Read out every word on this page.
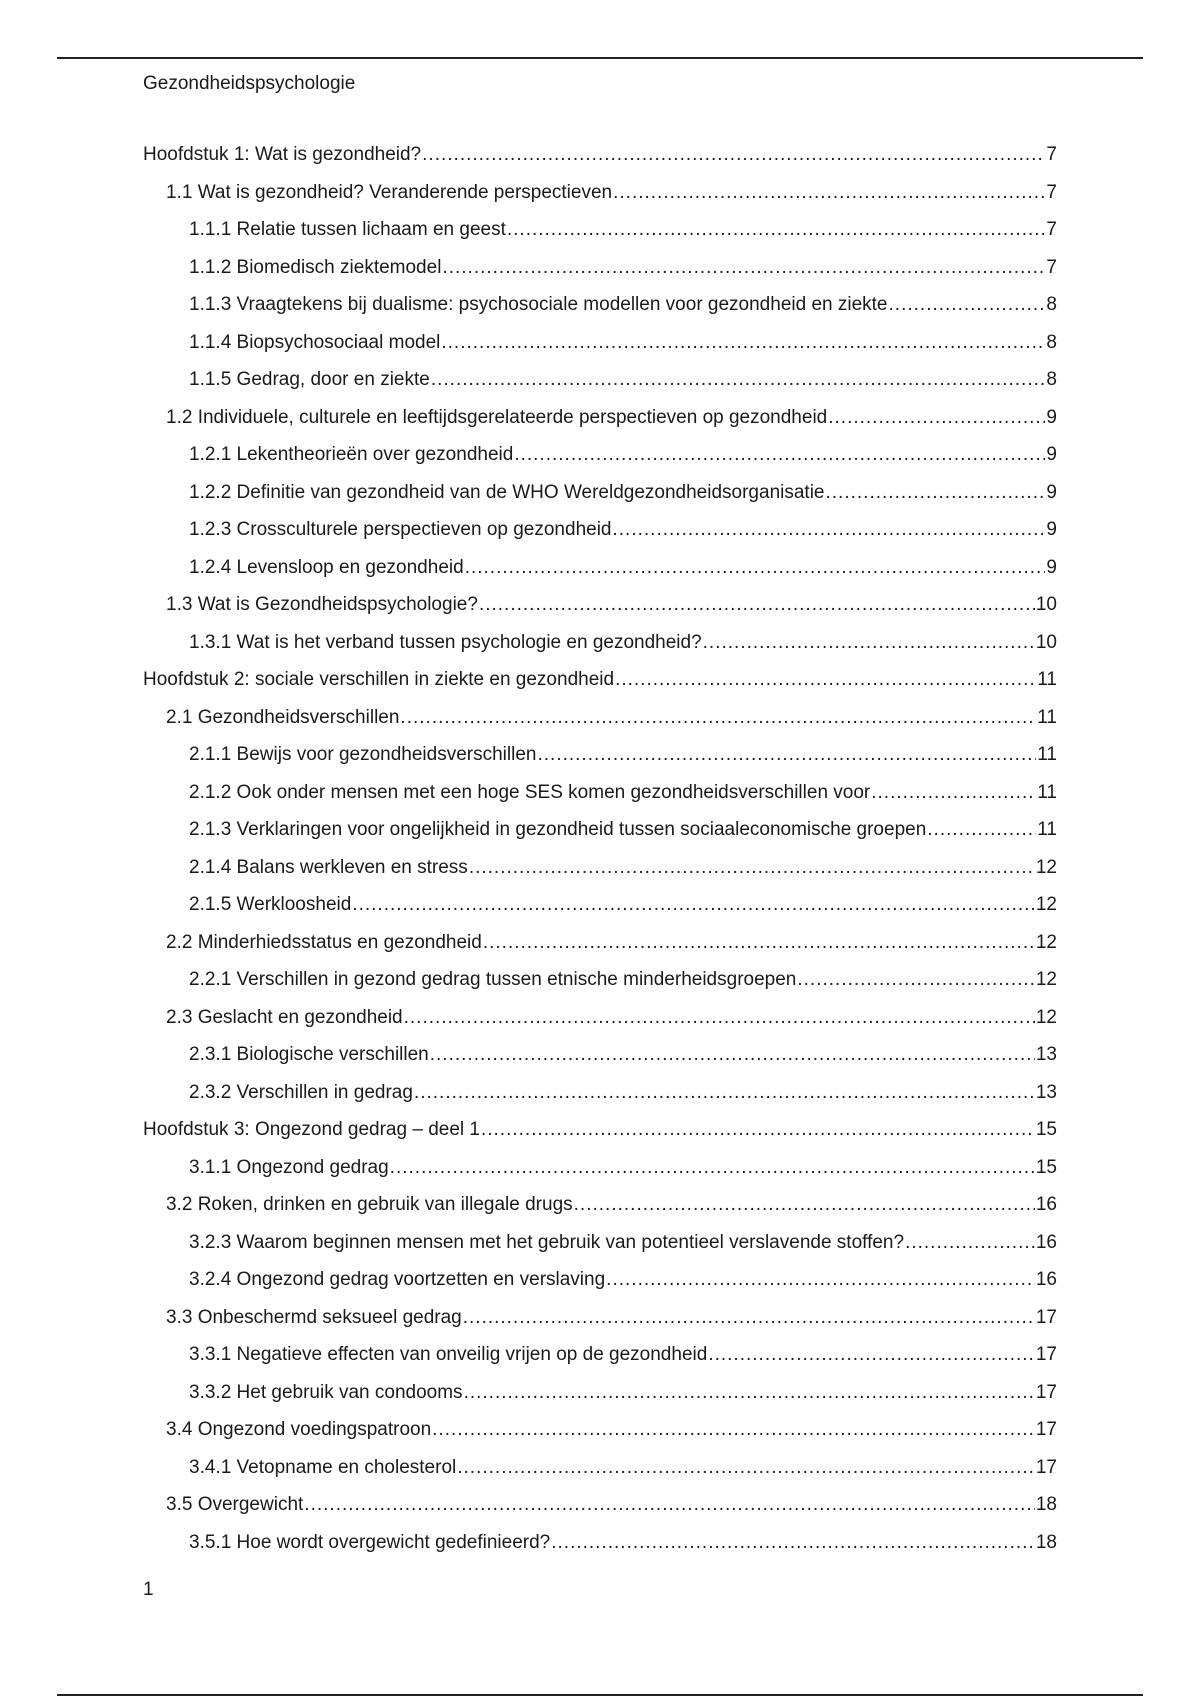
Gezondheidspsychologie
Hoofdstuk 1: Wat is gezondheid? .....	7
1.1 Wat is gezondheid? Veranderende perspectieven .....	7
1.1.1 Relatie tussen lichaam en geest .....	7
1.1.2 Biomedisch ziektemodel .....	7
1.1.3 Vraagtekens bij dualisme: psychosociale modellen voor gezondheid en ziekte .....	8
1.1.4 Biopsychosociaal model .....	8
1.1.5 Gedrag, door en ziekte .....	8
1.2 Individuele, culturele en leeftijdsgerelateerde perspectieven op gezondheid .....	9
1.2.1 Lekentheorieën over gezondheid .....	9
1.2.2 Definitie van gezondheid van de WHO Wereldgezondheidsorganisatie .....	9
1.2.3 Crossculturele perspectieven op gezondheid .....	9
1.2.4 Levensloop en gezondheid .....	9
1.3 Wat is Gezondheidspsychologie? .....	10
1.3.1 Wat is het verband tussen psychologie en gezondheid? .....	10
Hoofdstuk 2: sociale verschillen in ziekte en gezondheid .....	11
2.1 Gezondheidsverschillen .....	11
2.1.1 Bewijs voor gezondheidsverschillen .....	11
2.1.2 Ook onder mensen met een hoge SES komen gezondheidsverschillen voor .....	11
2.1.3 Verklaringen voor ongelijkheid in gezondheid tussen sociaaleconomische groepen .....	11
2.1.4 Balans werkleven en stress .....	12
2.1.5 Werkloosheid .....	12
2.2 Minderhiedsstatus en gezondheid .....	12
2.2.1 Verschillen in gezond gedrag tussen etnische minderheidsgroepen .....	12
2.3 Geslacht en gezondheid .....	12
2.3.1 Biologische verschillen .....	13
2.3.2 Verschillen in gedrag .....	13
Hoofdstuk 3: Ongezond gedrag – deel 1 .....	15
3.1.1 Ongezond gedrag .....	15
3.2 Roken, drinken en gebruik van illegale drugs .....	16
3.2.3 Waarom beginnen mensen met het gebruik van potentieel verslavende stoffen? .....	16
3.2.4 Ongezond gedrag voortzetten en verslaving .....	16
3.3 Onbeschermd seksueel gedrag .....	17
3.3.1 Negatieve effecten van onveilig vrijen op de gezondheid .....	17
3.3.2 Het gebruik van condooms .....	17
3.4 Ongezond voedingspatroon .....	17
3.4.1 Vetopname en cholesterol .....	17
3.5 Overgewicht .....	18
3.5.1 Hoe wordt overgewicht gedefinieerd? .....	18
1
